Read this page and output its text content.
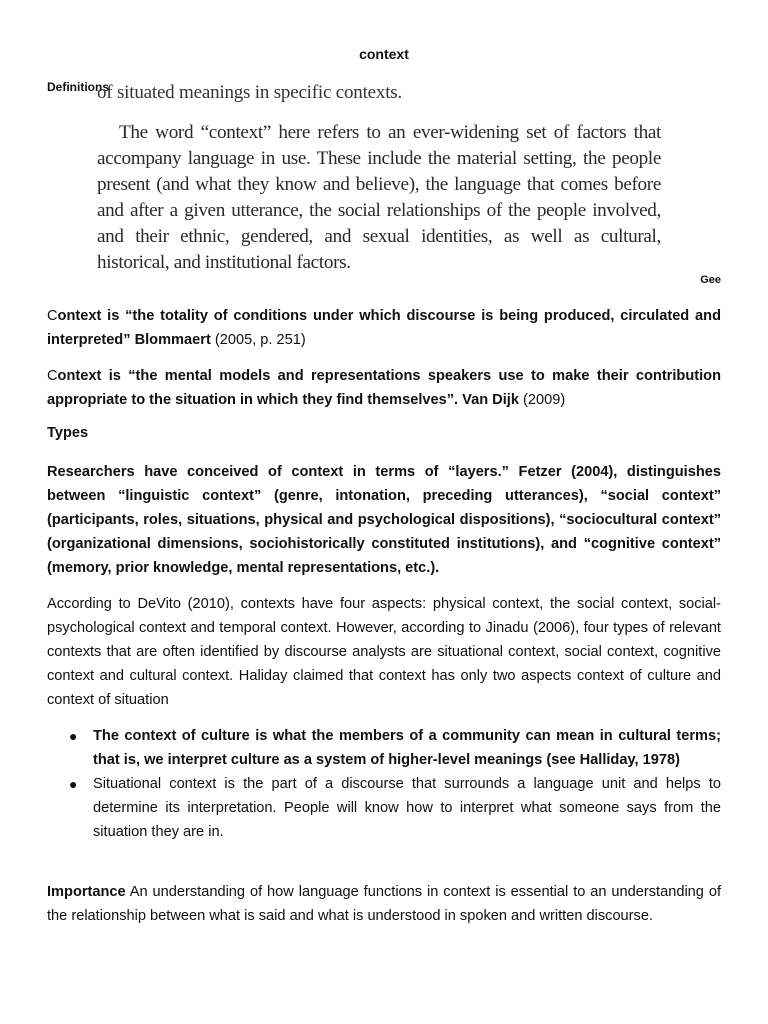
context
Definitions
of situated meanings in specific contexts.

The word “context” here refers to an ever-widening set of factors that accompany language in use. These include the material setting, the people present (and what they know and believe), the language that comes before and after a given utterance, the social relationships of the people involved, and their ethnic, gendered, and sexual identities, as well as cultural, historical, and institutional factors.

Gee

Context is “the totality of conditions under which discourse is being produced, circulated and interpreted” Blommaert (2005, p. 251)

Context is “the mental models and representations speakers use to make their contribution appropriate to the situation in which they find themselves”. Van Dijk (2009)

Types

Researchers have conceived of context in terms of “layers.” Fetzer (2004), distinguishes between “linguistic context” (genre, intonation, preceding utterances), “social context” (participants, roles, situations, physical and psychological dispositions), “sociocultural context” (organizational dimensions, sociohistorically constituted institutions), and “cognitive context” (memory, prior knowledge, mental representations, etc.).

According to DeVito (2010), contexts have four aspects: physical context, the social context, social-psychological context and temporal context. However, according to Jinadu (2006), four types of relevant contexts that are often identified by discourse analysts are situational context, social context, cognitive context and cultural context. Haliday claimed that context has only two aspects context of culture and context of situation

● The context of culture is what the members of a community can mean in cultural terms; that is, we interpret culture as a system of higher-level meanings (see Halliday, 1978)
● Situational context is the part of a discourse that surrounds a language unit and helps to determine its interpretation. People will know how to interpret what someone says from the situation they are in.

Importance An understanding of how language functions in context is essential to an understanding of the relationship between what is said and what is understood in spoken and written discourse.
